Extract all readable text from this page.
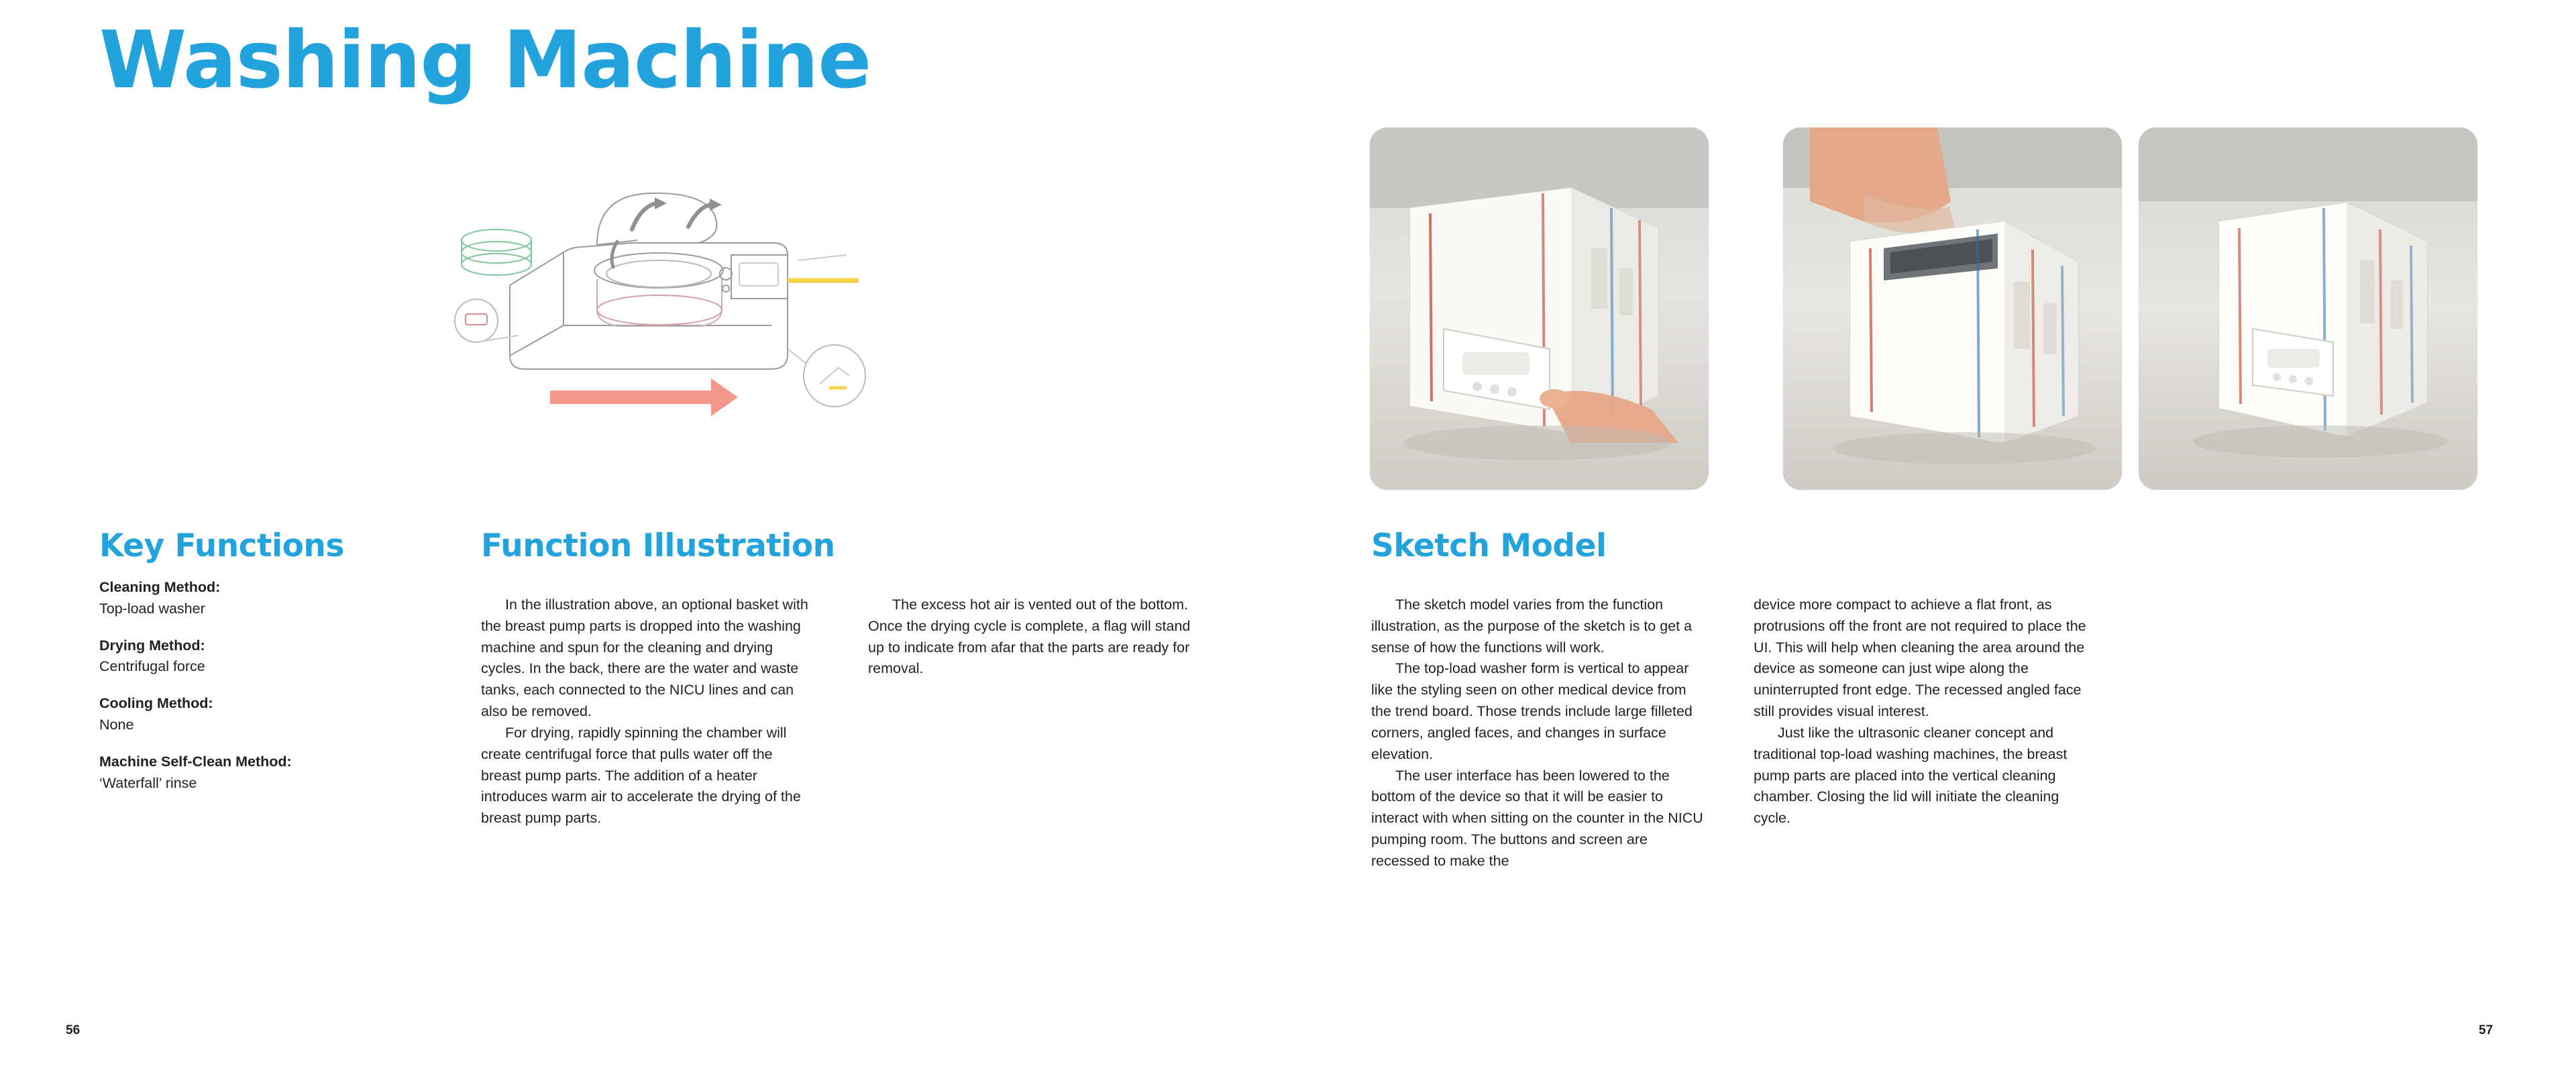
Washing Machine
Key Functions	Function Illustration	Sketch Model
Cleaning Method:
Top-load washer
Drying Method:
Centrifugal force
Cooling Method:
None
Machine Self-Clean Method:
‘Waterfall’ rinse

In the illustration above, an optional basket with the breast pump parts is dropped into the washing machine and spun for the cleaning and drying cycles. In the back, there are the water and waste tanks, each connected to the NICU lines and can also be removed.

For drying, rapidly spinning the chamber will create centrifugal force that pulls water off the breast pump parts. The addition of a heater introduces warm air to accelerate the drying of the breast pump parts.

The excess hot air is vented out of the bottom. Once the drying cycle is complete, a flag will stand up to indicate from afar that the parts are ready for removal.

The sketch model varies from the function illustration, as the purpose of the sketch is to get a sense of how the functions will work.

The top-load washer form is vertical to appear like the styling seen on other medical device from the trend board. Those trends include large filleted corners, angled faces, and changes in surface elevation.

The user interface has been lowered to the bottom of the device so that it will be easier to interact with when sitting on the counter in the NICU pumping room. The buttons and screen are recessed to make the

device more compact to achieve a flat front, as protrusions off the front are not required to place the UI. This will help when cleaning the area around the device as someone can just wipe along the uninterrupted front edge. The recessed angled face still provides visual interest.

Just like the ultrasonic cleaner concept and traditional top-load washing machines, the breast pump parts are placed into the vertical cleaning chamber. Closing the lid will initiate the cleaning cycle.

56	57
